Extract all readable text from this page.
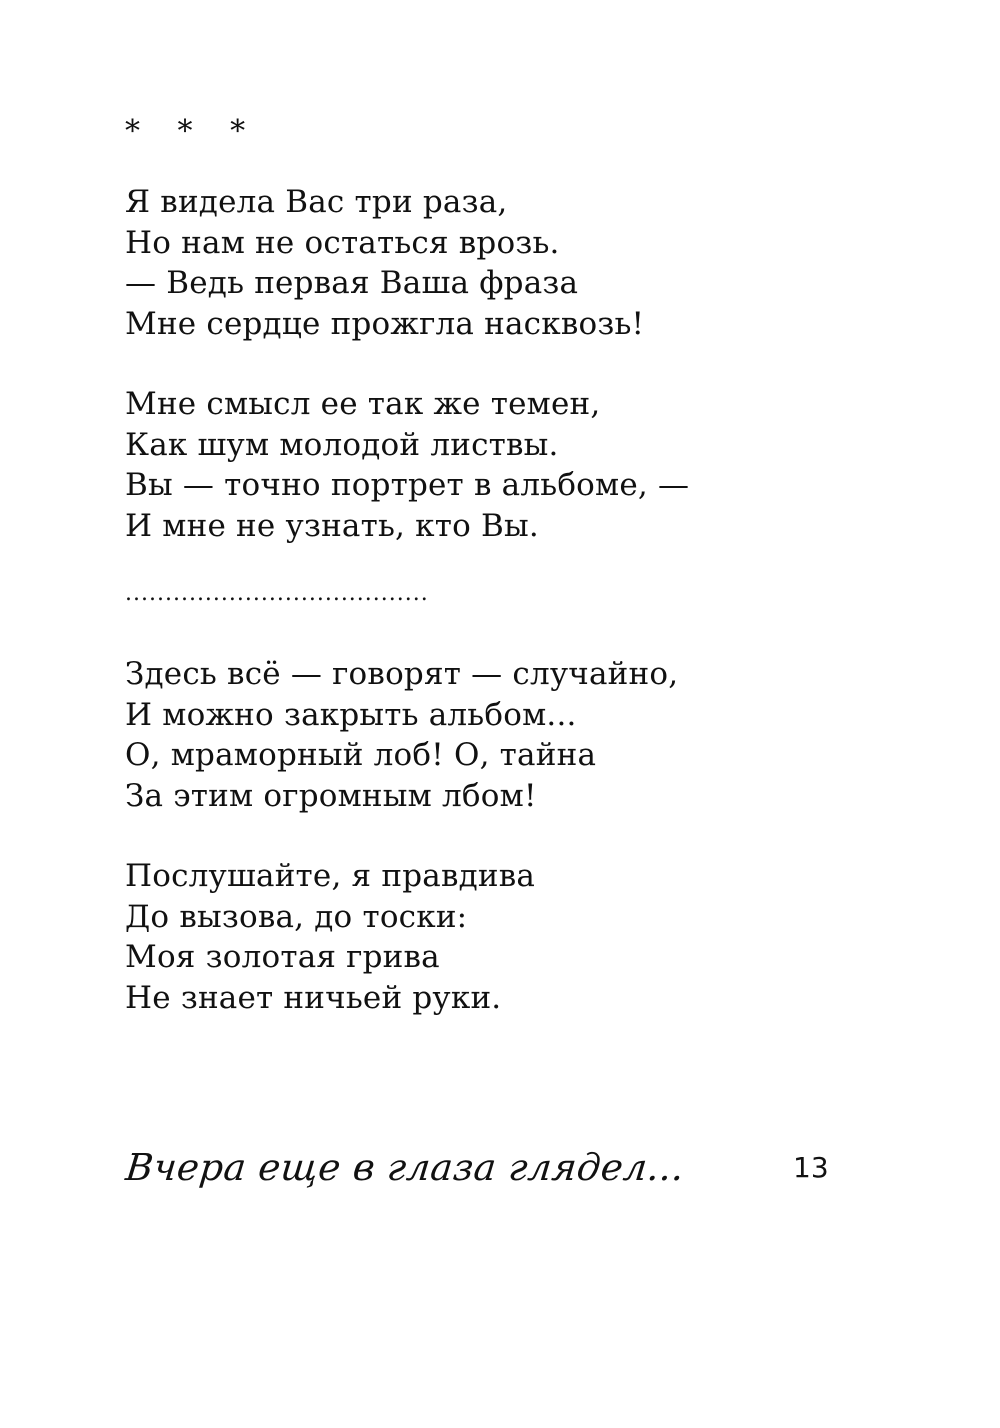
* * *
Я видела Вас три раза,
Но нам не остаться врозь.
— Ведь первая Ваша фраза
Мне сердце прожгла насквозь!
Мне смысл ее так же темен,
Как шум молодой листвы.
Вы — точно портрет в альбоме, —
И мне не узнать, кто Вы.
......................................
Здесь всё — говорят — случайно,
И можно закрыть альбом...
О, мраморный лоб! О, тайна
За этим огромным лбом!
Послушайте, я правдива
До вызова, до тоски:
Моя золотая грива
Не знает ничьей руки.
Вчера еще в глаза глядел...	13
